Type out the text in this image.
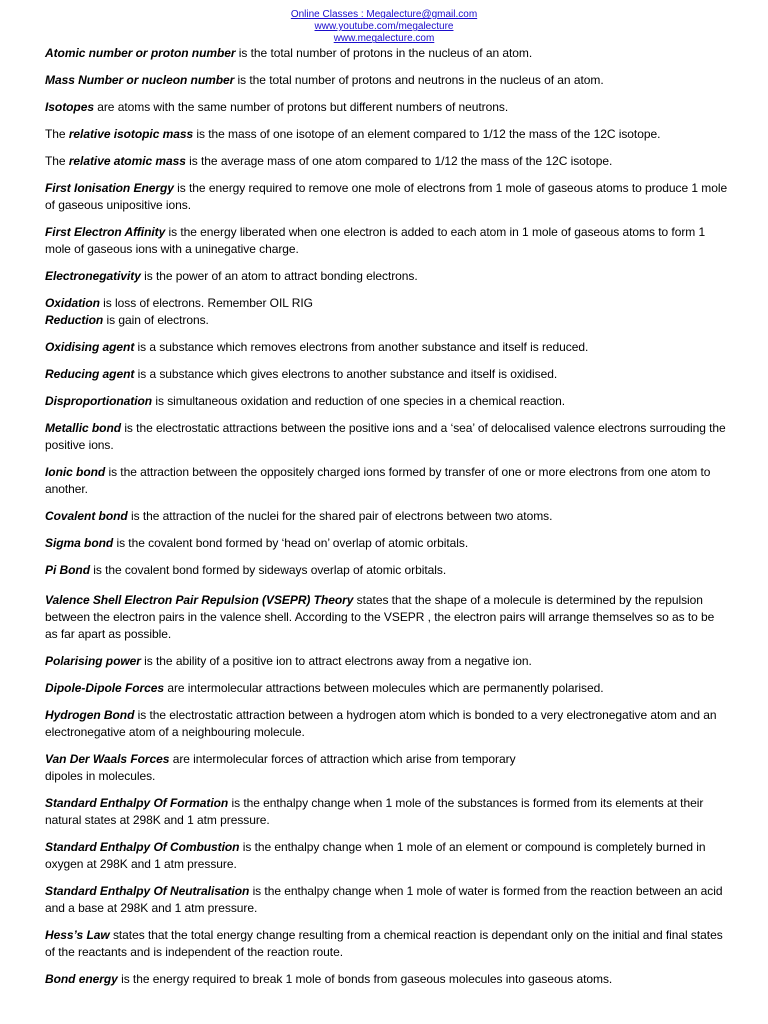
Online Classes : Megalecture@gmail.com
www.youtube.com/megalecture
www.megalecture.com

Atomic number or proton number is the total number of protons in the nucleus of an atom.

Mass Number or nucleon number is the total number of protons and neutrons in the nucleus of an atom.

Isotopes are atoms with the same number of protons but different numbers of neutrons.

The relative isotopic mass is the mass of one isotope of an element compared to 1/12 the mass of the 12C isotope.

The relative atomic mass is the average mass of one atom compared to 1/12 the mass of the 12C isotope.

First Ionisation Energy is the energy required to remove one mole of electrons from 1 mole of gaseous atoms to produce 1 mole of gaseous unipositive ions.

First Electron Affinity is the energy liberated when one electron is added to each atom in 1 mole of gaseous atoms to form 1 mole of gaseous ions with a uninegative charge.

Electronegativity is the power of an atom to attract bonding electrons.

Oxidation is loss of electrons. Remember OIL RIG

Reduction is gain of electrons.

Oxidising agent is a substance which removes electrons from another substance and itself is reduced.

Reducing agent is a substance which gives electrons to another substance and itself is oxidised.

Disproportionation is simultaneous oxidation and reduction of one species in a chemical reaction.

Metallic bond is the electrostatic attractions between the positive ions and a ‘sea’ of delocalised valence electrons surrouding the positive ions.

Ionic bond is the attraction between the oppositely charged ions formed by transfer of one or more electrons from one atom to another.

Covalent bond is the attraction of the nuclei for the shared pair of electrons between two atoms.

Sigma bond is the covalent bond formed by ‘head on’ overlap of atomic orbitals.

Pi Bond is the covalent bond formed by sideways overlap of atomic orbitals.

Valence Shell Electron Pair Repulsion (VSEPR) Theory states that the shape of a molecule is determined by the repulsion between the electron pairs in the valence shell. According to the VSEPR , the electron pairs will arrange themselves so as to be as far apart as possible.

Polarising power is the ability of a positive ion to attract electrons away from a negative ion.

Dipole-Dipole Forces are intermolecular attractions between molecules which are permanently polarised.

Hydrogen Bond is the electrostatic attraction between a hydrogen atom which is bonded to a very electronegative atom and an electronegative atom of a neighbouring molecule.

Van Der Waals Forces are intermolecular forces of attraction which arise from temporary
dipoles in molecules.

Standard Enthalpy Of Formation is the enthalpy change when 1 mole of the substances is formed from its elements at their natural states at 298K and 1 atm pressure.

Standard Enthalpy Of Combustion is the enthalpy change when 1 mole of an element or compound is completely burned in oxygen at 298K and 1 atm pressure.

Standard Enthalpy Of Neutralisation is the enthalpy change when 1 mole of water is formed from the reaction between an acid and a base at 298K and 1 atm pressure.

Hess’s Law states that the total energy change resulting from a chemical reaction is dependant only on the initial and final states of the reactants and is independent of the reaction route.

Bond energy is the energy required to break 1 mole of bonds from gaseous molecules into gaseous atoms.
